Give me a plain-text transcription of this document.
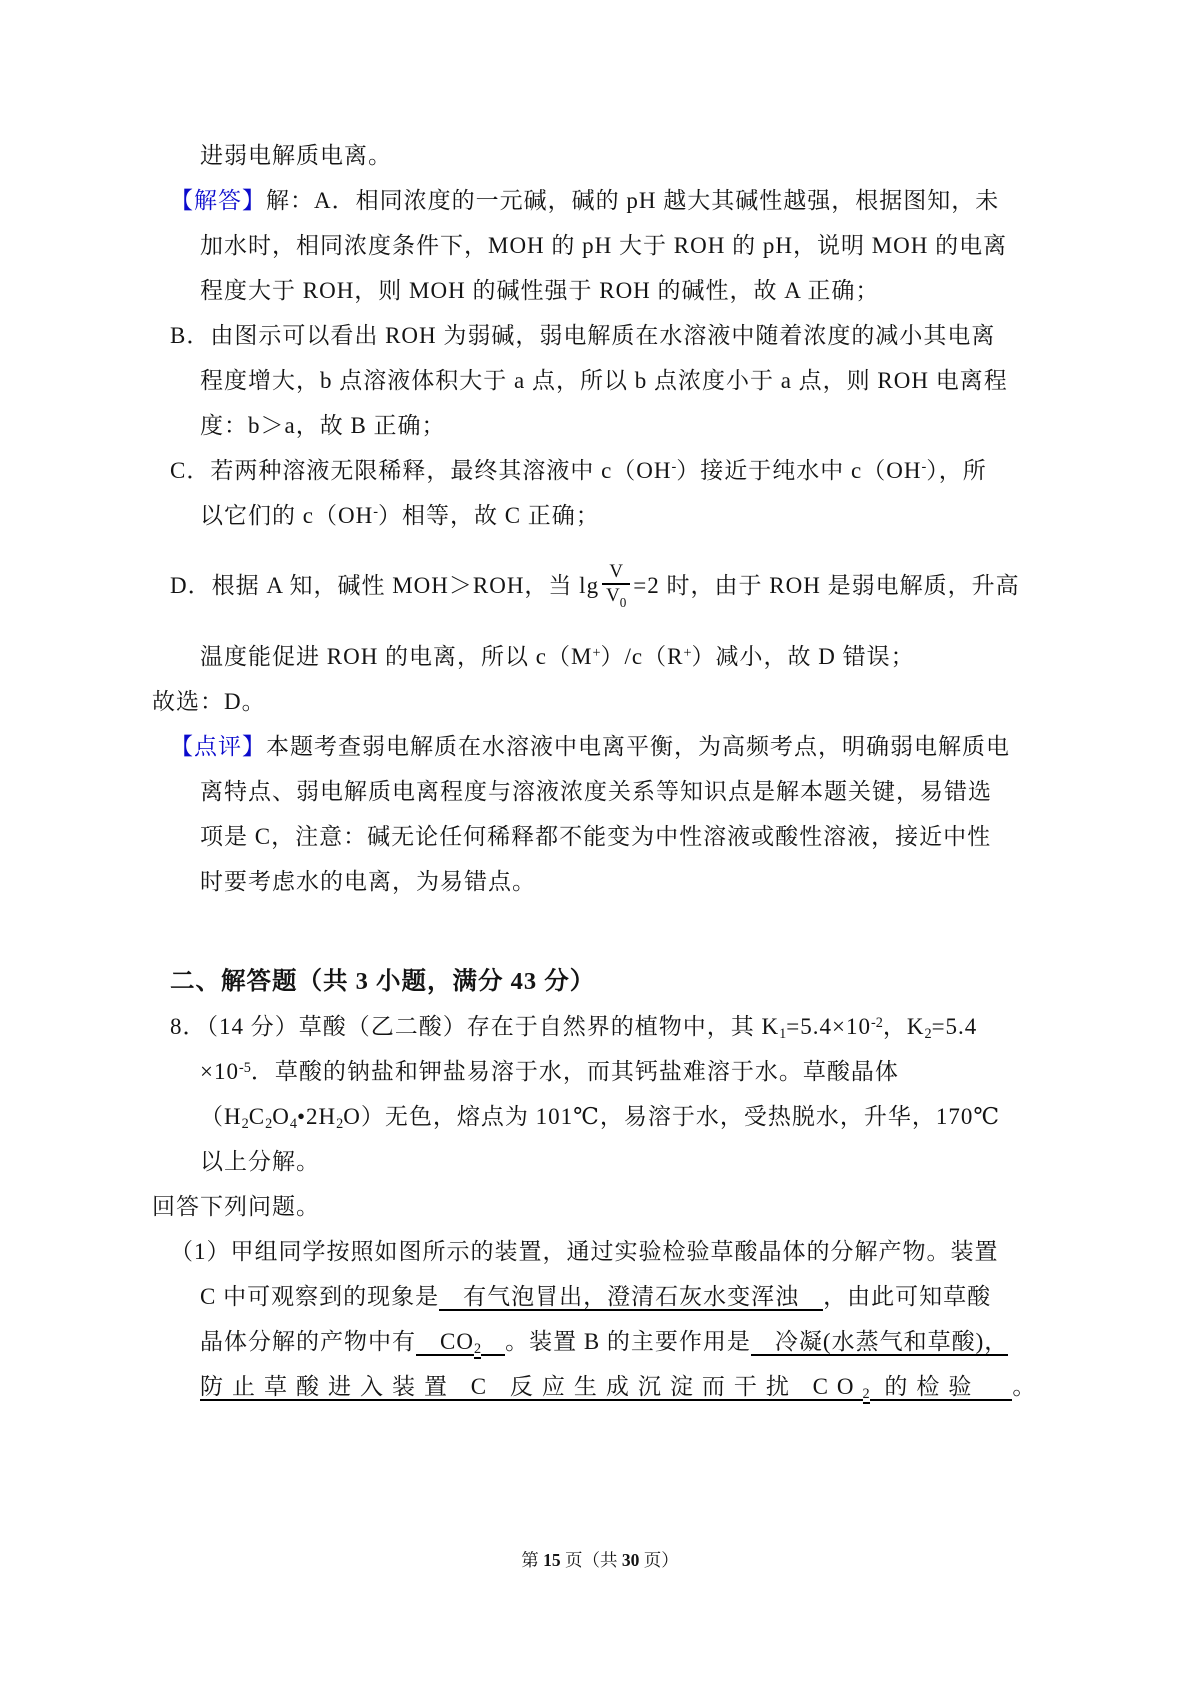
进弱电解质电离。
【解答】解：A．相同浓度的一元碱，碱的 pH 越大其碱性越强，根据图知，未
加水时，相同浓度条件下，MOH 的 pH 大于 ROH 的 pH，说明 MOH 的电离
程度大于 ROH，则 MOH 的碱性强于 ROH 的碱性，故 A 正确；
B．由图示可以看出 ROH 为弱碱，弱电解质在水溶液中随着浓度的减小其电离
程度增大，b 点溶液体积大于 a 点，所以 b 点浓度小于 a 点，则 ROH 电离程
度：b＞a，故 B 正确；
C．若两种溶液无限稀释，最终其溶液中 c（OH-）接近于纯水中 c（OH-），所
以它们的 c（OH-）相等，故 C 正确；
D．根据 A 知，碱性 MOH＞ROH，当 $\lg \frac{V}{V_0} =2$ 时，由于 ROH 是弱电解质，升高
温度能促进 ROH 的电离，所以 c（M+）/c（R+）减小，故 D 错误；
故选：D。
【点评】本题考查弱电解质在水溶液中电离平衡，为高频考点，明确弱电解质电
离特点、弱电解质电离程度与溶液浓度关系等知识点是解本题关键，易错选
项是 C，注意：碱无论任何稀释都不能变为中性溶液或酸性溶液，接近中性
时要考虑水的电离，为易错点。
二、解答题（共 3 小题，满分 43 分）
8．（14 分）草酸（乙二酸）存在于自然界的植物中，其 $K1=5.4\times 10^{-2}$，K2=5.4
$\times 10^{-5}$．草酸的钠盐和钾盐易溶于水，而其钙盐难溶于水。草酸晶体
（H2C2O4•2H2O）无色，熔点为 101℃，易溶于水，受热脱水，升华，170℃
以上分解。
回答下列问题。
（1）甲组同学按照如图所示的装置，通过实验检验草酸晶体的分解产物。装置
C 中可观察到的现象是　有气泡冒出，澄清石灰水变浑浊　，由此可知草酸
晶体分解的产物中有　CO2　 。装置 B 的主要作用是　冷凝(水蒸气和草酸)，
防止草酸进入装置 C 反应生成沉淀而干扰 CO2 的检验　。
第 15 页（共 30 页）
